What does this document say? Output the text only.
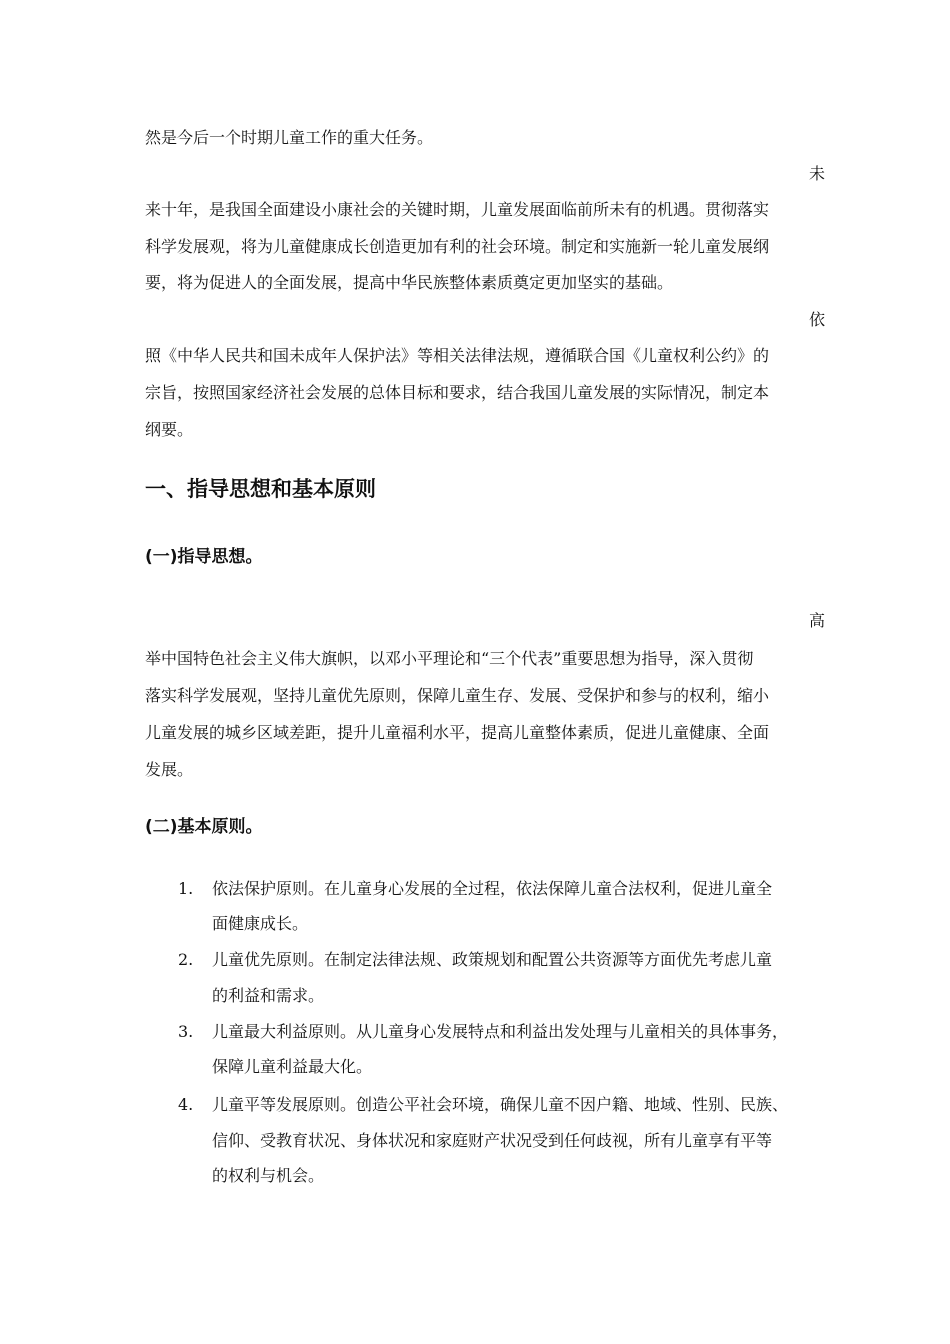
然是今后一个时期儿童工作的重大任务。
未
来十年，是我国全面建设小康社会的关键时期，儿童发展面临前所未有的机遇。贯彻落实
科学发展观，将为儿童健康成长创造更加有利的社会环境。制定和实施新一轮儿童发展纲
要，将为促进人的全面发展，提高中华民族整体素质奠定更加坚实的基础。
依
照《中华人民共和国未成年人保护法》等相关法律法规，遵循联合国《儿童权利公约》的
宗旨，按照国家经济社会发展的总体目标和要求，结合我国儿童发展的实际情况，制定本
纲要。
一、指导思想和基本原则
(一)指导思想。
高
举中国特色社会主义伟大旗帜，以邓小平理论和“三个代表”重要思想为指导，深入贯彻
落实科学发展观，坚持儿童优先原则，保障儿童生存、发展、受保护和参与的权利，缩小
儿童发展的城乡区域差距，提升儿童福利水平，提高儿童整体素质，促进儿童健康、全面
发展。
(二)基本原则。
1. 依法保护原则。在儿童身心发展的全过程，依法保障儿童合法权利，促进儿童全
面健康成长。
2. 儿童优先原则。在制定法律法规、政策规划和配置公共资源等方面优先考虑儿童
的利益和需求。
3. 儿童最大利益原则。从儿童身心发展特点和利益出发处理与儿童相关的具体事务，
保障儿童利益最大化。
4. 儿童平等发展原则。创造公平社会环境，确保儿童不因户籍、地域、性别、民族、
信仰、受教育状况、身体状况和家庭财产状况受到任何歧视，所有儿童享有平等
的权利与机会。
